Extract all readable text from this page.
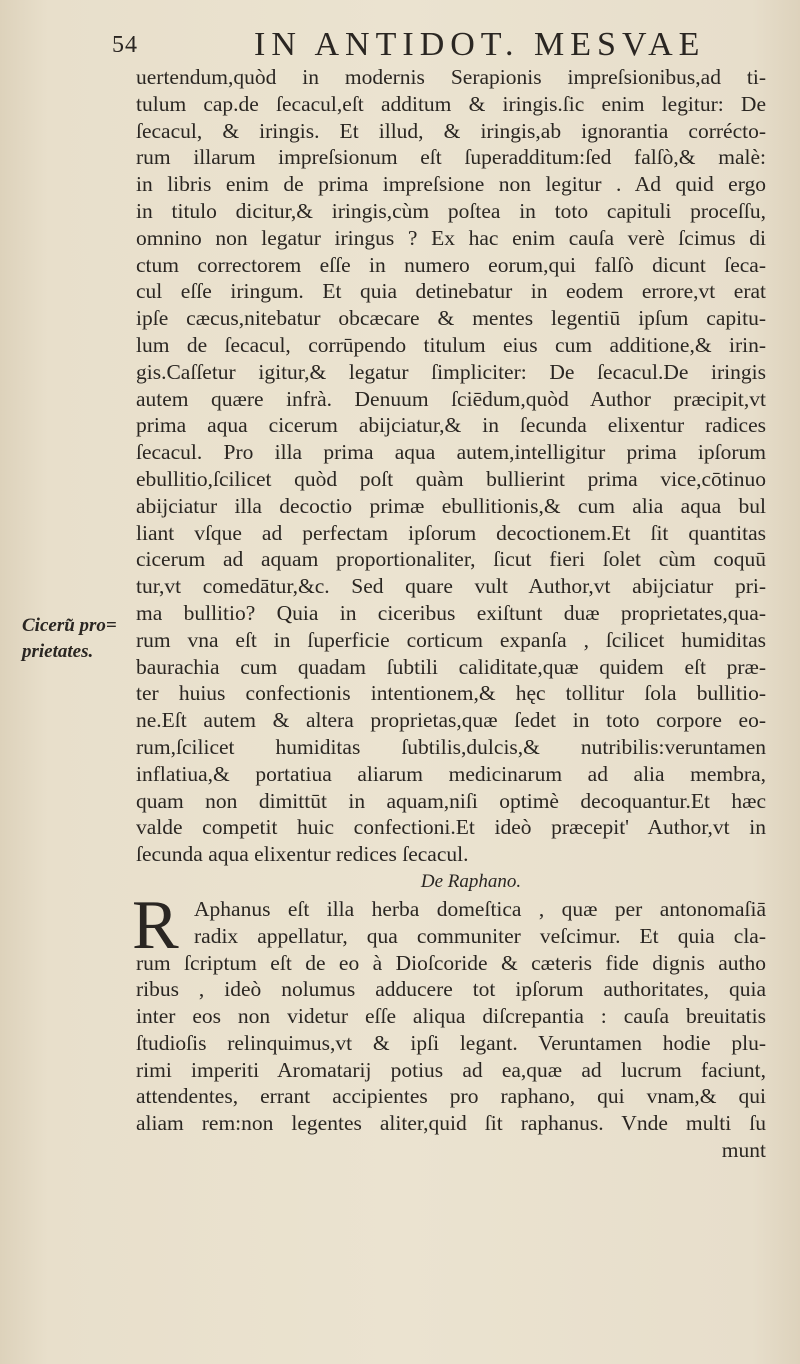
54	IN ANTIDOT. MESVAE
Ciceru͂ pro=
prietates.
uertendum,quòd in modernis Serapionis impreſsionibus,ad ti-
tulum cap.de ſecacul,eſt additum & iringis.ſic enim legitur: De
ſecacul, & iringis. Et illud, & iringis,ab ignorantia corrécto-
rum illarum impreſsionum eſt ſuperadditum:ſed falſò,& malè:
in libris enim de prima impreſsione non legitur . Ad quid ergo
in titulo dicitur,& iringis,cùm poſtea in toto capituli proceſſu,
omnino non legatur iringus ? Ex hac enim cauſa verè ſcimus di
ctum correctorem eſſe in numero eorum,qui falſò dicunt ſeca-
cul eſſe iringum. Et quia detinebatur in eodem errore,vt erat
ipſe cæcus,nitebatur obcæcare & mentes legentiū ipſum capitu-
lum de ſecacul, corrūpendo titulum eius cum additione,& irin-
gis.Caſſetur igitur,& legatur ſimpliciter: De ſecacul.De iringis
autem quære infrà. Denuum ſciēdum,quòd Author præcipit,vt
prima aqua cicerum abijciatur,& in ſecunda elixentur radices
ſecacul. Pro illa prima aqua autem,intelligitur prima ipſorum
ebullitio,ſcilicet quòd poſt quàm bullierint prima vice,cōtinuo
abijciatur illa decoctio primæ ebullitionis,& cum alia aqua bul
liant vſque ad perfectam ipſorum decoctionem.Et ſit quantitas
cicerum ad aquam proportionaliter, ſicut fieri ſolet cùm coquū
tur,vt comedātur,&c. Sed quare vult Author,vt abijciatur pri-
ma bullitio? Quia in ciceribus exiſtunt duæ proprietates,qua-
rum vna eſt in ſuperficie corticum expanſa , ſcilicet humiditas
baurachia cum quadam ſubtili caliditate,quæ quidem eſt præ-
ter huius confectionis intentionem,& hęc tollitur ſola bullitio-
ne.Eſt autem & altera proprietas,quæ ſedet in toto corpore eo-
rum,ſcilicet humiditas ſubtilis,dulcis,& nutribilis:veruntamen
inflatiua,& portatiua aliarum medicinarum ad alia membra,
quam non dimittūt in aquam,niſi optimè decoquantur.Et hæc
valde competit huic confectioni.Et ideò præcepit' Author,vt in
ſecunda aqua elixentur redices ſecacul.
De Raphano.
R Aphanus eſt illa herba domeſtica , quæ per antonomaſiā
radix appellatur, qua communiter veſcimur. Et quia cla-
rum ſcriptum eſt de eo à Dioſcoride & cæteris fide dignis autho
ribus , ideò nolumus adducere tot ipſorum authoritates, quia
inter eos non videtur eſſe aliqua diſcrepantia : cauſa breuitatis
ſtudioſis relinquimus,vt & ipſi legant. Veruntamen hodie plu-
rimi imperiti Aromatarij potius ad ea,quæ ad lucrum faciunt,
attendentes, errant accipientes pro raphano, qui vnam,& qui
aliam rem:non legentes aliter,quid ſit raphanus. Vnde multi ſu
munt
